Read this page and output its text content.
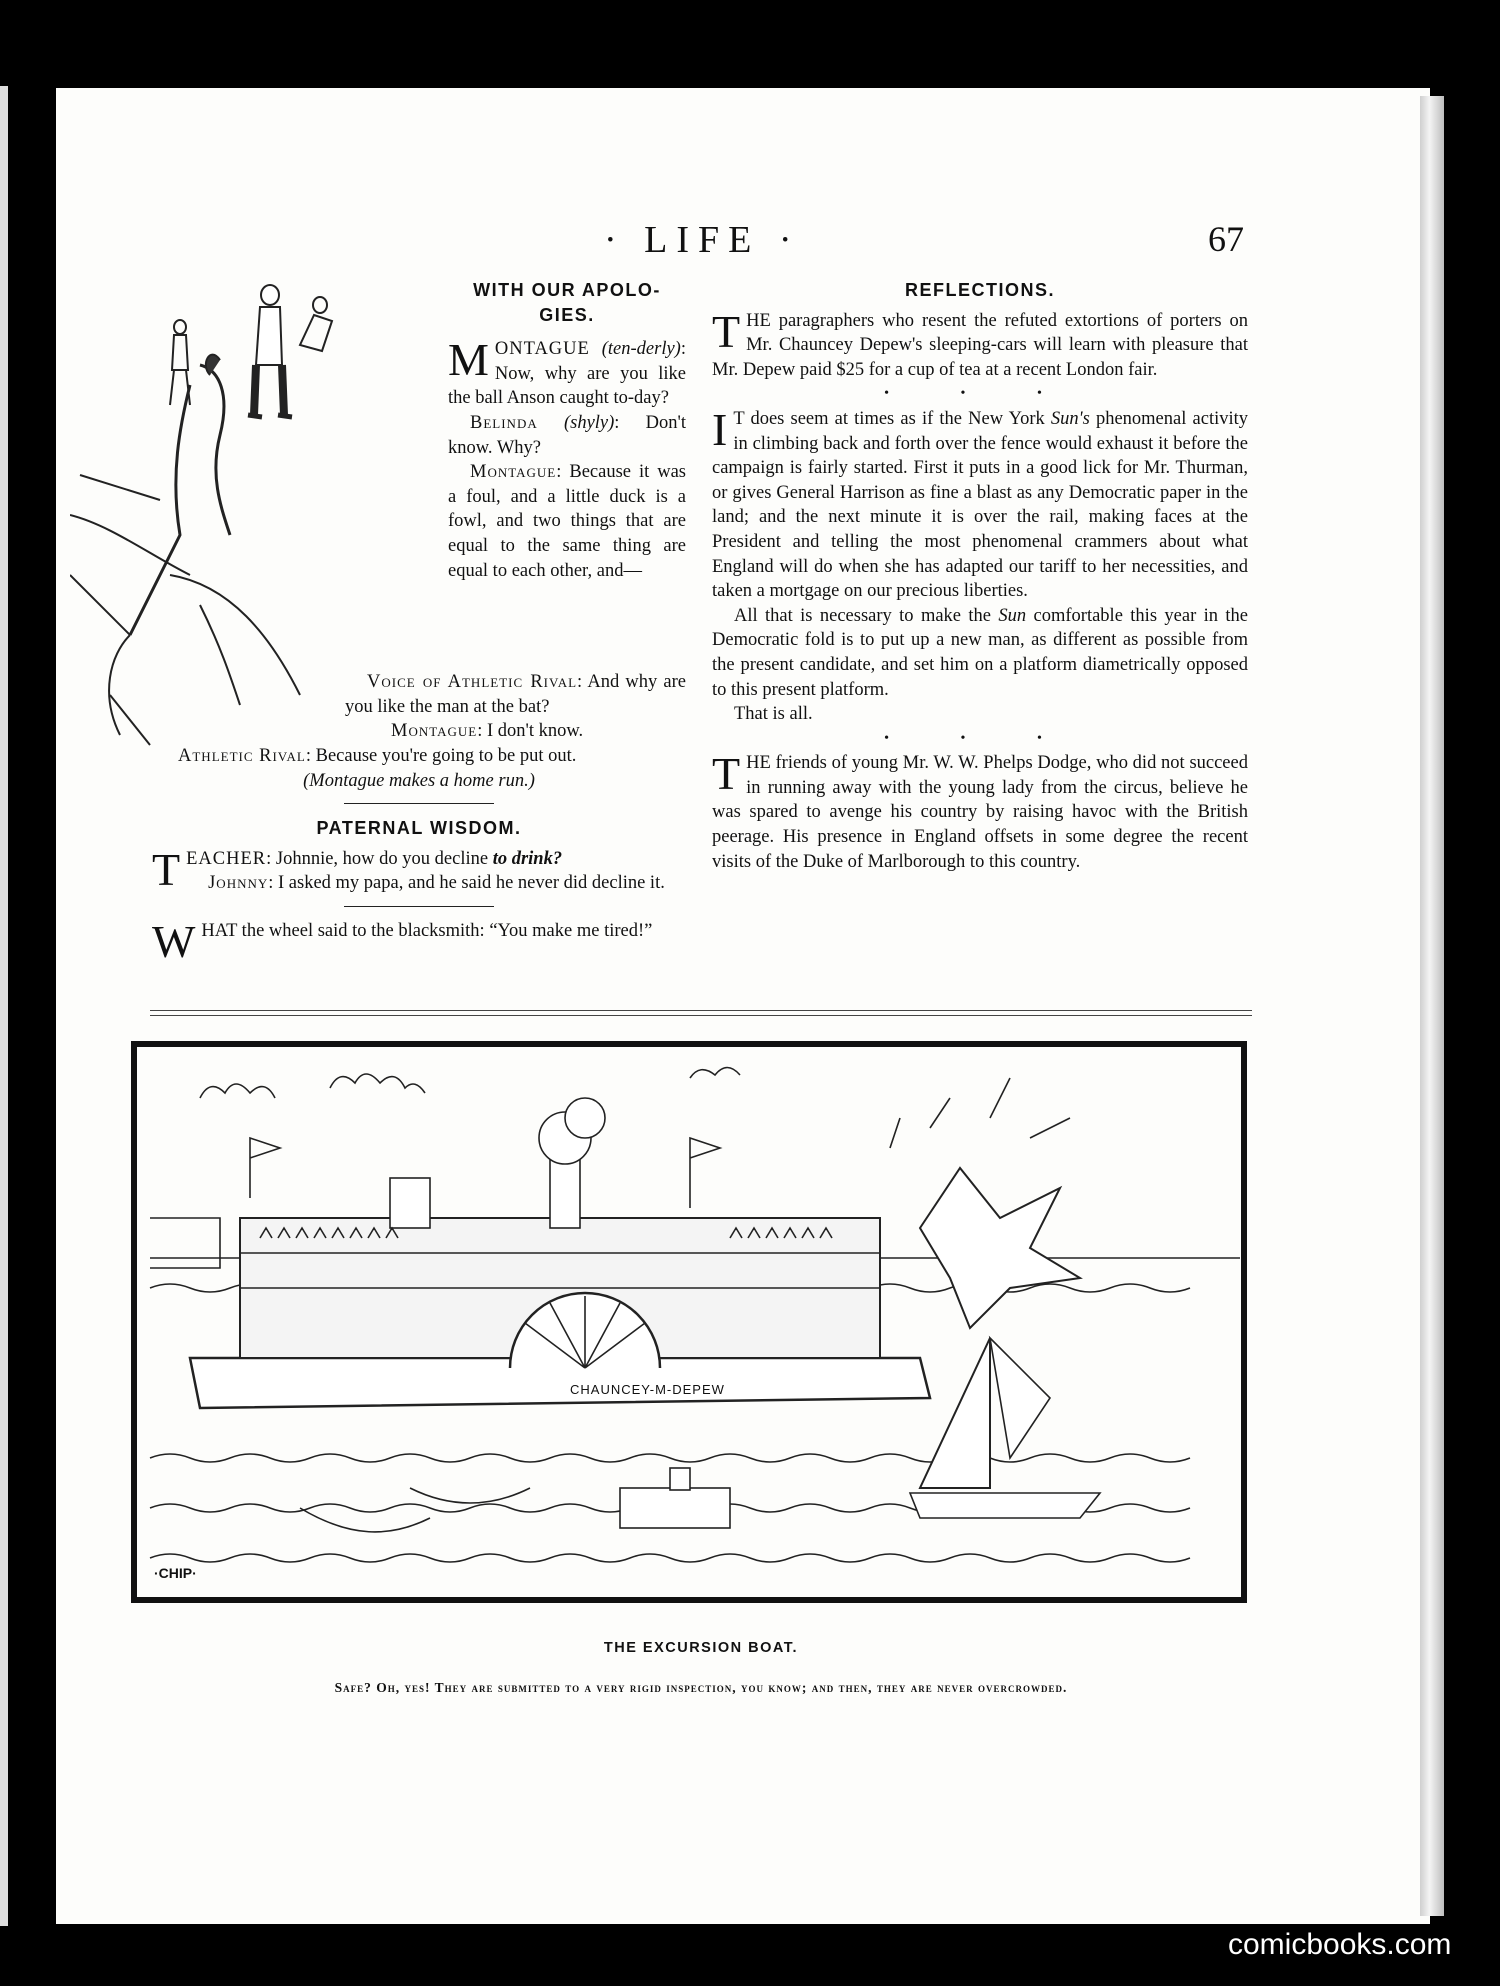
· LIFE ·	67

WITH OUR APOLO-

GIES.

M ONTAGUE (ten-derly): Now, why are you like the ball Anson caught to-day?

Belinda (shyly): Don't know. Why?

Montague: Because it was a foul, and a little duck is a fowl, and two things that are equal to the same thing are equal to each other, and—

Voice of Athletic Rival: And why are you like the man at the bat?

Montague: I don't know.

Athletic Rival: Because you're going to be put out.

(Montague makes a home run.)

PATERNAL WISDOM.

T EACHER: Johnnie, how do you decline to drink?

Johnny: I asked my papa, and he said he never did decline it.

W HAT the wheel said to the blacksmith: “You make me tired!”

REFLECTIONS.

T HE paragraphers who resent the refuted extortions of porters on Mr. Chauncey Depew's sleeping-cars will learn with pleasure that Mr. Depew paid $25 for a cup of tea at a recent London fair.

• • •

I T does seem at times as if the New York Sun's phenomenal activity in climbing back and forth over the fence would exhaust it before the campaign is fairly started. First it puts in a good lick for Mr. Thurman, or gives General Harrison as fine a blast as any Democratic paper in the land; and the next minute it is over the rail, making faces at the President and telling the most phenomenal crammers about what England will do when she has adapted our tariff to her necessities, and taken a mortgage on our precious liberties.

All that is necessary to make the Sun comfortable this year in the Democratic fold is to put up a new man, as different as possible from the present candidate, and set him on a platform diametrically opposed to this present platform.

That is all.

• • •

T HE friends of young Mr. W. W. Phelps Dodge, who did not succeed in running away with the young lady from the circus, believe he was spared to avenge his country by raising havoc with the British peerage. His presence in England offsets in some degree the recent visits of the Duke of Marlborough to this country.

CHAUNCEY-M-DEPEW
·CHIP·
THE EXCURSION BOAT.
Safe? Oh, yes! They are submitted to a very rigid inspection, you know; and then, they are never overcrowded.
comicbooks.com
